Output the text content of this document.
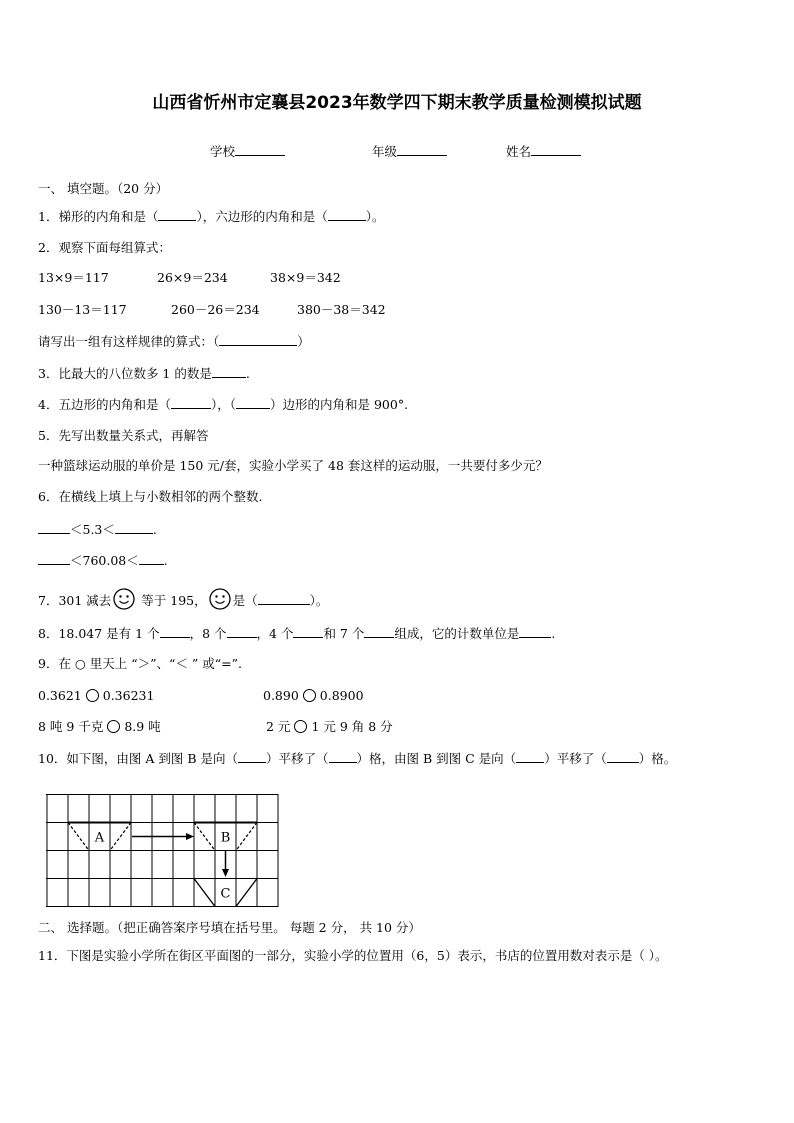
山西省忻州市定襄县2023年数学四下期末教学质量检测模拟试题
学校	年级	姓名
一、 填空题。（20 分）
1．梯形的内角和是（	），六边形的内角和是（	）。
2．观察下面每组算式：
13×9＝117	26×9＝234	38×9＝342
130－13＝117	260－26＝234	380－38＝342
请写出一组有这样规律的算式：（	）
3．比最大的八位数多 1 的数是	.
4．五边形的内角和是（	），（	）边形的内角和是 900°.
5．先写出数量关系式，再解答
一种篮球运动服的单价是 150 元/套，实验小学买了 48 套这样的运动服，一共要付多少元？
6．在横线上填上与小数相邻的两个整数.
＜5.3＜	.
＜760.08＜ .
7．301 减去 等于 195， 是（	）。
8．18.047 是有 1 个 ，8 个 ，4 个 和 7 个 组成，它的计数单位是	.
9．在 ○ 里天上 “＞”、“＜ ” 或“=”.
0.3621 0.36231	0.890 0.8900
8 吨 9 千克 8.9 吨	2 元 1 元 9 角 8 分
10．如下图，由图 A 到图 B 是向（ ）平移了（ ）格，由图 B 到图 C 是向（ ）平移了（	）格。
A	B
C
二、 选择题。（把正确答案序号填在括号里。 每题 2 分， 共 10 分）
11．下图是实验小学所在街区平面图的一部分，实验小学的位置用（6，5）表示，书店的位置用数对表示是（ ）。
